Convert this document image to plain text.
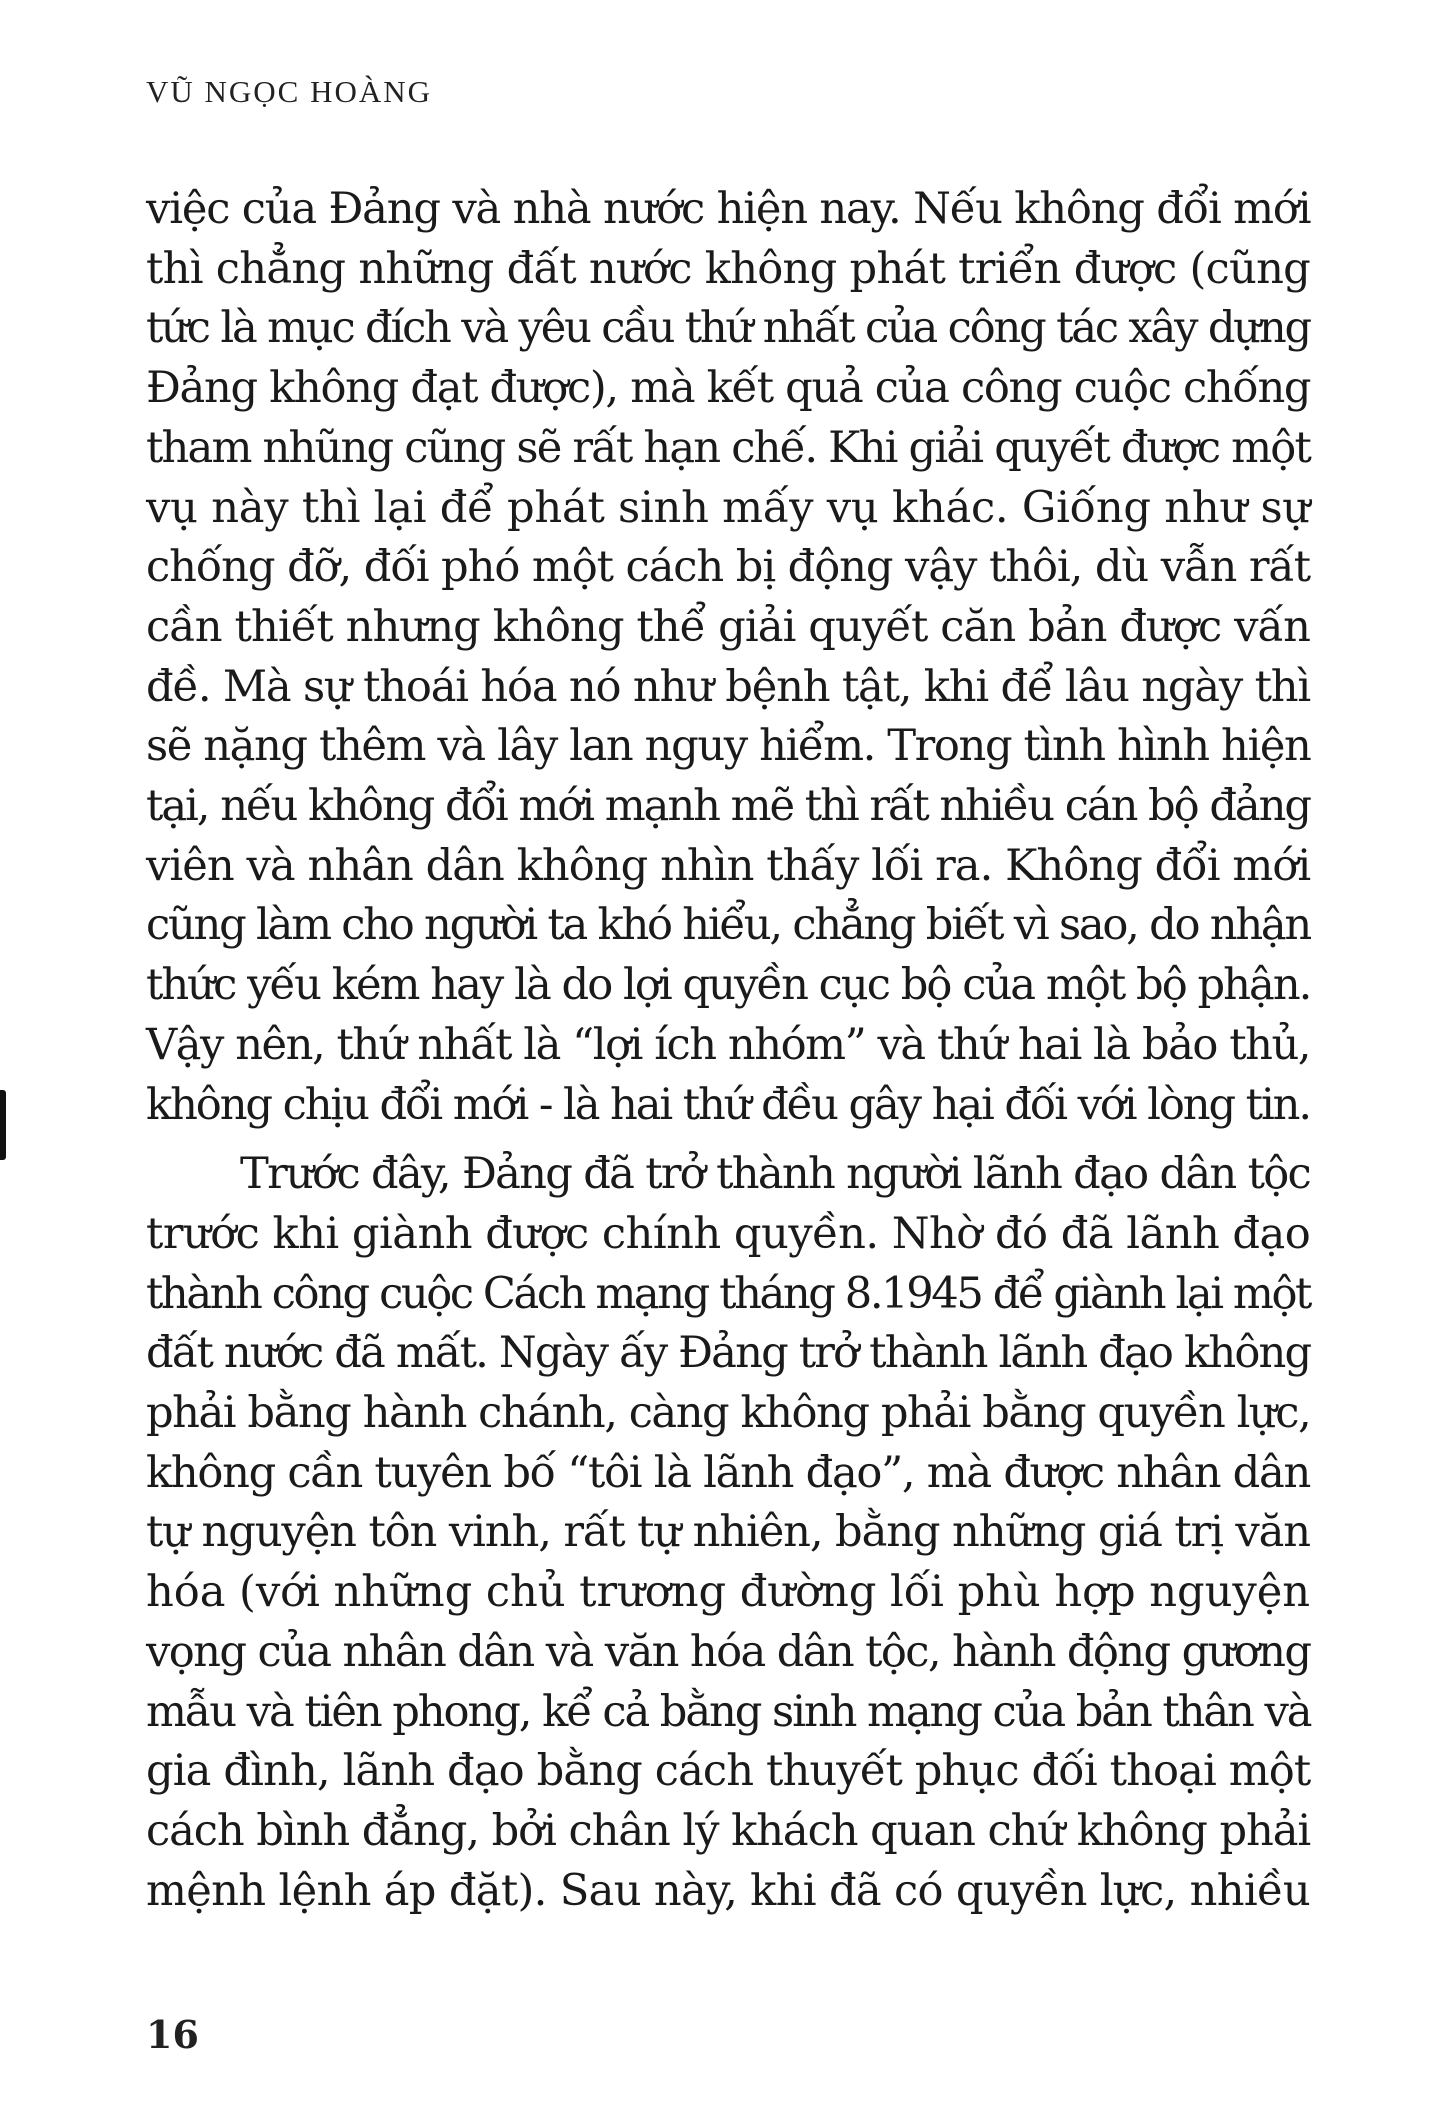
VŨ NGỌC HOÀNG

việc của Đảng và nhà nước hiện nay. Nếu không đổi mới
thì chẳng những đất nước không phát triển được (cũng
tức là mục đích và yêu cầu thứ nhất của công tác xây dựng
Đảng không đạt được), mà kết quả của công cuộc chống
tham nhũng cũng sẽ rất hạn chế. Khi giải quyết được một
vụ này thì lại để phát sinh mấy vụ khác. Giống như sự
chống đỡ, đối phó một cách bị động vậy thôi, dù vẫn rất
cần thiết nhưng không thể giải quyết căn bản được vấn
đề. Mà sự thoái hóa nó như bệnh tật, khi để lâu ngày thì
sẽ nặng thêm và lây lan nguy hiểm. Trong tình hình hiện
tại, nếu không đổi mới mạnh mẽ thì rất nhiều cán bộ đảng
viên và nhân dân không nhìn thấy lối ra. Không đổi mới
cũng làm cho người ta khó hiểu, chẳng biết vì sao, do nhận
thức yếu kém hay là do lợi quyền cục bộ của một bộ phận.
Vậy nên, thứ nhất là “lợi ích nhóm” và thứ hai là bảo thủ,
không chịu đổi mới - là hai thứ đều gây hại đối với lòng tin.

Trước đây, Đảng đã trở thành người lãnh đạo dân tộc
trước khi giành được chính quyền. Nhờ đó đã lãnh đạo
thành công cuộc Cách mạng tháng 8.1945 để giành lại một
đất nước đã mất. Ngày ấy Đảng trở thành lãnh đạo không
phải bằng hành chánh, càng không phải bằng quyền lực,
không cần tuyên bố “tôi là lãnh đạo”, mà được nhân dân
tự nguyện tôn vinh, rất tự nhiên, bằng những giá trị văn
hóa (với những chủ trương đường lối phù hợp nguyện
vọng của nhân dân và văn hóa dân tộc, hành động gương
mẫu và tiên phong, kể cả bằng sinh mạng của bản thân và
gia đình, lãnh đạo bằng cách thuyết phục đối thoại một
cách bình đẳng, bởi chân lý khách quan chứ không phải
mệnh lệnh áp đặt). Sau này, khi đã có quyền lực, nhiều

16
